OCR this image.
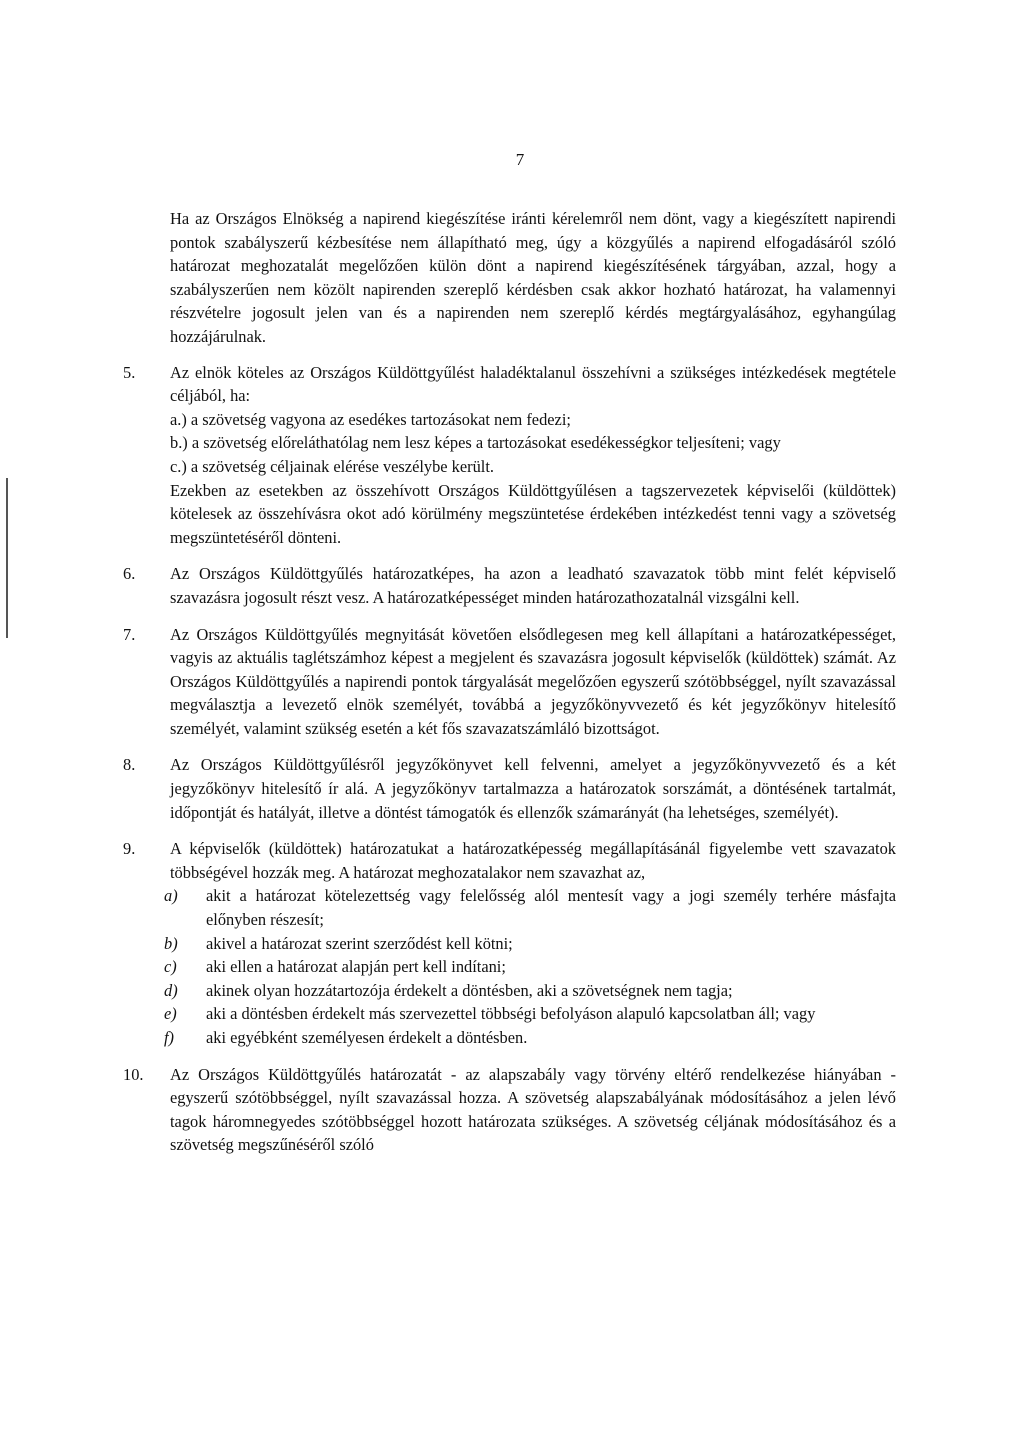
7

Ha az Országos Elnökség a napirend kiegészítése iránti kérelemről nem dönt, vagy a kiegészített napirendi pontok szabályszerű kézbesítése nem állapítható meg, úgy a közgyűlés a napirend elfogadásáról szóló határozat meghozatalát megelőzően külön dönt a napirend kiegészítésének tárgyában, azzal, hogy a szabályszerűen nem közölt napirenden szereplő kérdésben csak akkor hozható határozat, ha valamennyi részvételre jogosult jelen van és a napirenden nem szereplő kérdés megtárgyalásához, egyhangúlag hozzájárulnak.

5.	Az elnök köteles az Országos Küldöttgyűlést haladéktalanul összehívni a szükséges intézkedések megtétele céljából, ha:
a.) a szövetség vagyona az esedékes tartozásokat nem fedezi;
b.) a szövetség előreláthatólag nem lesz képes a tartozásokat esedékességkor teljesíteni; vagy
c.) a szövetség céljainak elérése veszélybe került.
Ezekben az esetekben az összehívott Országos Küldöttgyűlésen a tagszervezetek képviselői (küldöttek) kötelesek az összehívásra okot adó körülmény megszüntetése érdekében intézkedést tenni vagy a szövetség megszüntetéséről dönteni.
6.	Az Országos Küldöttgyűlés határozatképes, ha azon a leadható szavazatok több mint felét képviselő szavazásra jogosult részt vesz. A határozatképességet minden határozathozatalnál vizsgálni kell.
7.	Az Országos Küldöttgyűlés megnyitását követően elsődlegesen meg kell állapítani a határozatképességet, vagyis az aktuális taglétszámhoz képest a megjelent és szavazásra jogosult képviselők (küldöttek) számát. Az Országos Küldöttgyűlés a napirendi pontok tárgyalását megelőzően egyszerű szótöbbséggel, nyílt szavazással megválasztja a levezető elnök személyét, továbbá a jegyzőkönyvvezető és két jegyzőkönyv hitelesítő személyét, valamint szükség esetén a két fős szavazatszámláló bizottságot.
8.	Az Országos Küldöttgyűlésről jegyzőkönyvet kell felvenni, amelyet a jegyzőkönyvvezető és a két jegyzőkönyv hitelesítő ír alá. A jegyzőkönyv tartalmazza a határozatok sorszámát, a döntésének tartalmát, időpontját és hatályát, illetve a döntést támogatók és ellenzők számarányát (ha lehetséges, személyét).
9.	A képviselők (küldöttek) határozatukat a határozatképesség megállapításánál figyelembe vett szavazatok többségével hozzák meg. A határozat meghozatalakor nem szavazhat az,
a)	akit a határozat kötelezettség vagy felelősség alól mentesít vagy a jogi személy terhére másfajta előnyben részesít;
b)	akivel a határozat szerint szerződést kell kötni;
c)	aki ellen a határozat alapján pert kell indítani;
d)	akinek olyan hozzátartozója érdekelt a döntésben, aki a szövetségnek nem tagja;
e)	aki a döntésben érdekelt más szervezettel többségi befolyáson alapuló kapcsolatban áll; vagy
f)	aki egyébként személyesen érdekelt a döntésben.
10.	Az Országos Küldöttgyűlés határozatát - az alapszabály vagy törvény eltérő rendelkezése hiányában - egyszerű szótöbbséggel, nyílt szavazással hozza. A szövetség alapszabályának módosításához a jelen lévő tagok háromnegyedes szótöbbséggel hozott határozata szükséges. A szövetség céljának módosításához és a szövetség megszűnéséről szóló
